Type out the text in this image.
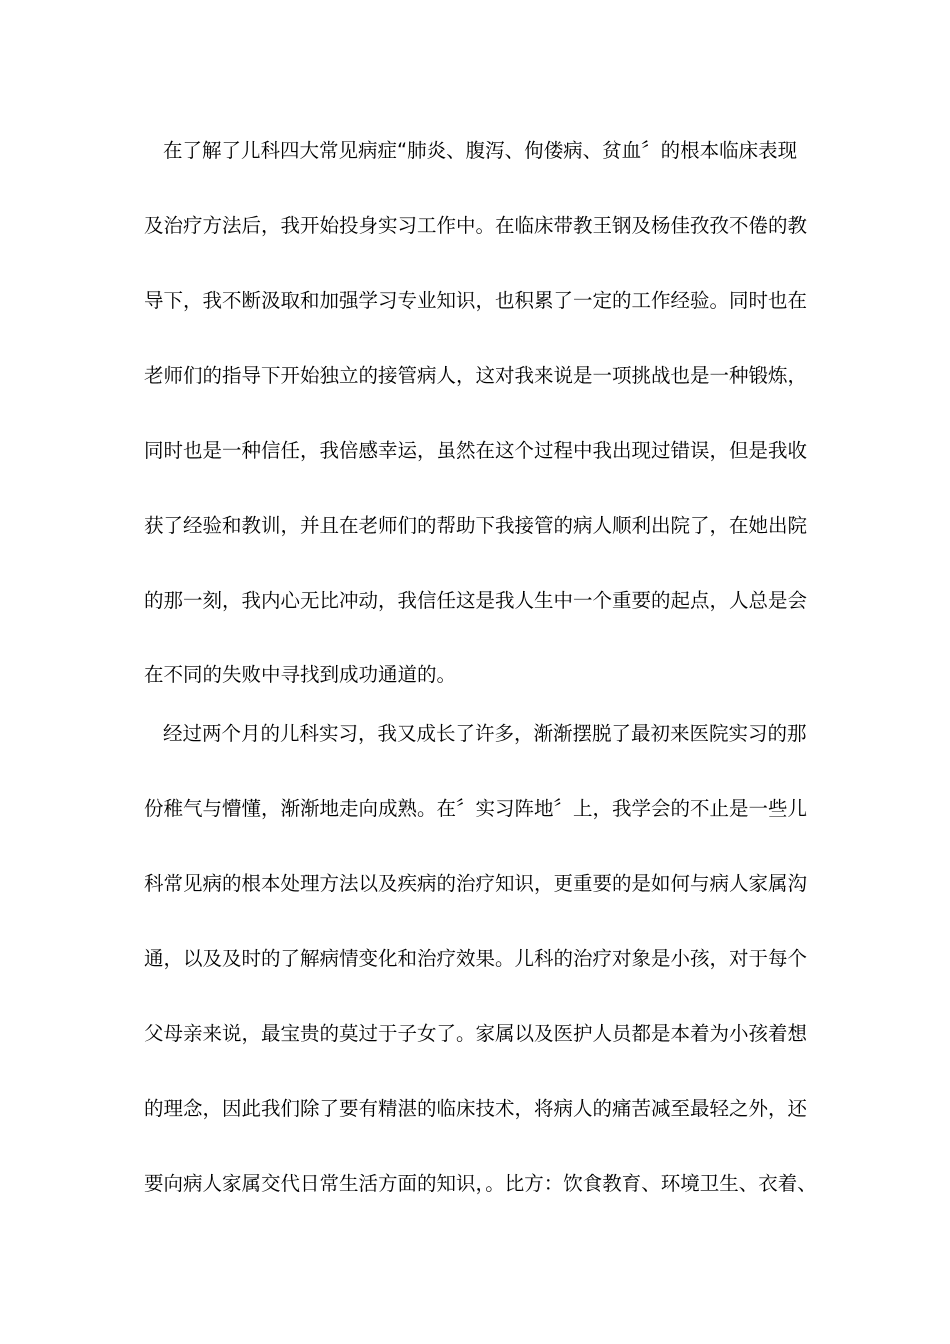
在了解了儿科四大常见病症“肺炎、腹泻、佝偻病、贫血〞的根本临床表现
及治疗方法后，我开始投身实习工作中。在临床带教王钢及杨佳孜孜不倦的教
导下，我不断汲取和加强学习专业知识，也积累了一定的工作经验。同时也在
老师们的指导下开始独立的接管病人，这对我来说是一项挑战也是一种锻炼，
同时也是一种信任，我倍感幸运，虽然在这个过程中我出现过错误，但是我收
获了经验和教训，并且在老师们的帮助下我接管的病人顺利出院了，在她出院
的那一刻，我内心无比冲动，我信任这是我人生中一个重要的起点，人总是会
在不同的失败中寻找到成功通道的。
经过两个月的儿科实习，我又成长了许多，渐渐摆脱了最初来医院实习的那
份稚气与懵懂，渐渐地走向成熟。在〞实习阵地〞上，我学会的不止是一些儿
科常见病的根本处理方法以及疾病的治疗知识，更重要的是如何与病人家属沟
通，以及及时的了解病情变化和治疗效果。儿科的治疗对象是小孩，对于每个
父母亲来说，最宝贵的莫过于子女了。家属以及医护人员都是本着为小孩着想
的理念，因此我们除了要有精湛的临床技术，将病人的痛苦减至最轻之外，还
要向病人家属交代日常生活方面的知识，。比方：饮食教育、环境卫生、衣着、
